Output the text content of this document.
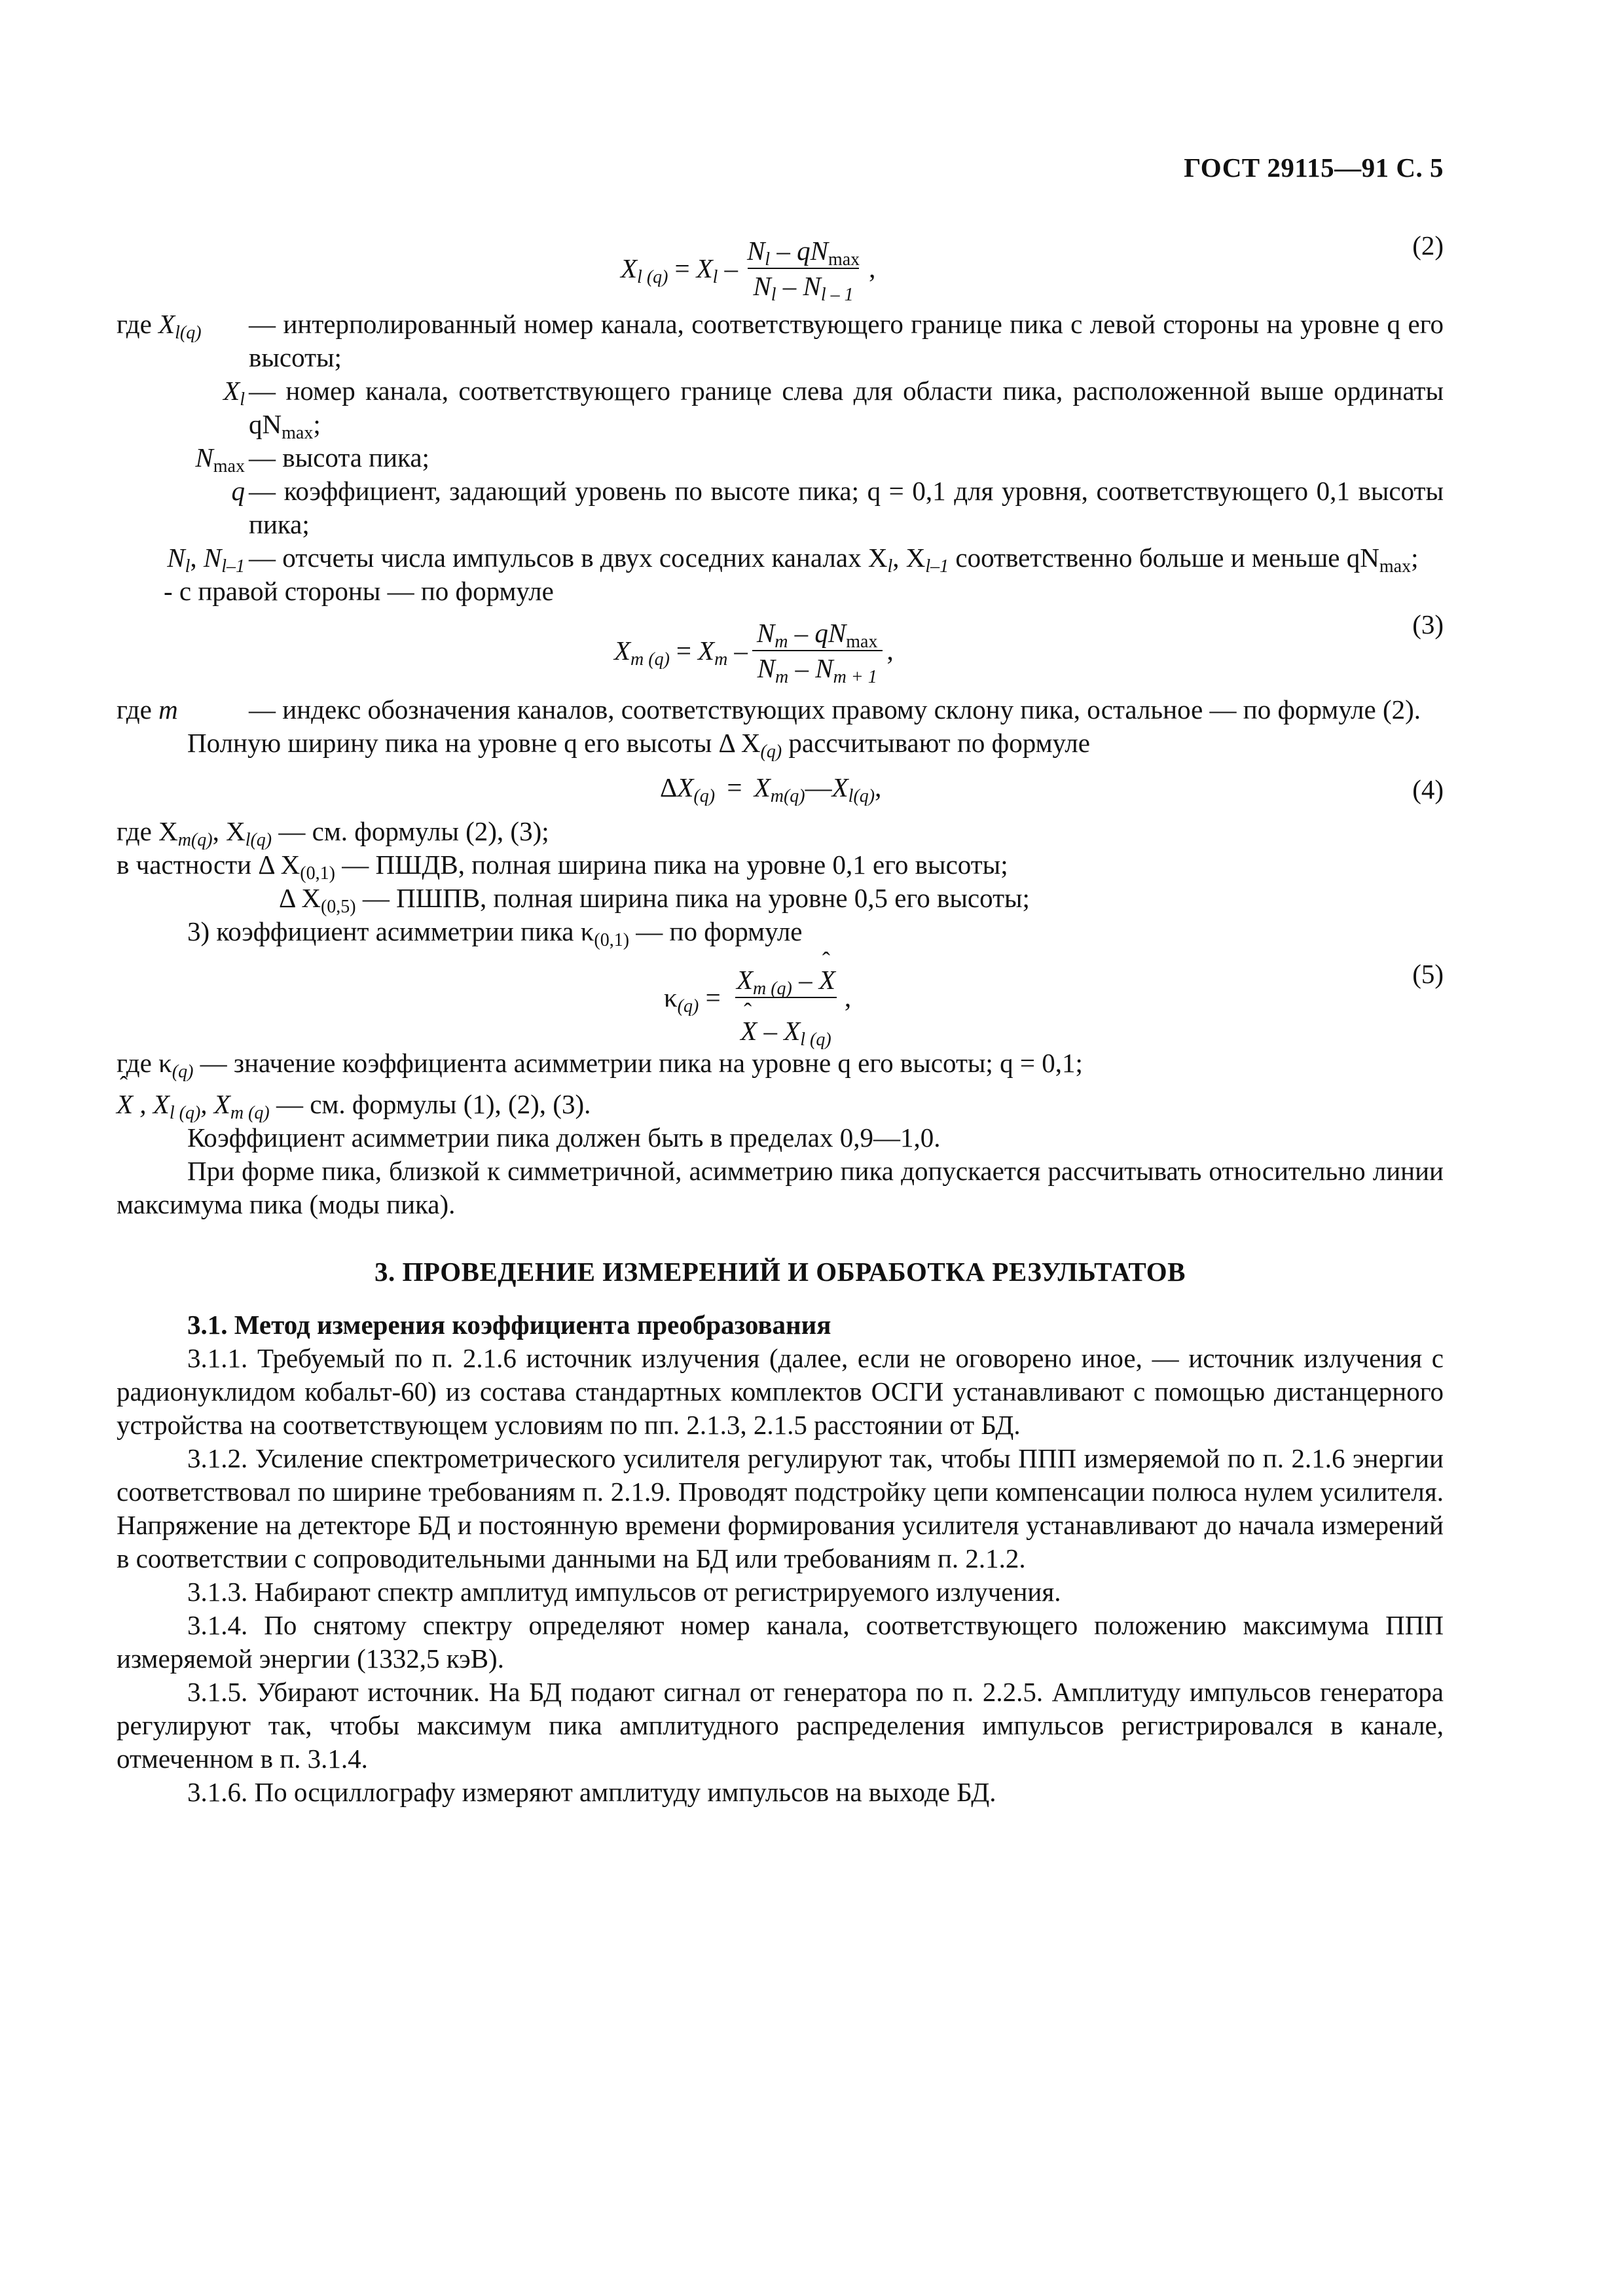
ГОСТ 29115—91 С. 5
$X_{l (q)} = X_l - \frac{N_l - qN_{max}}{N_l - N_{l - 1}}$ ,
(2)

где $X_{l(q)}$	— интерполированный номер канала, соответствующего границе пика с левой стороны на уровне q его высоты;

$X_l$ — номер канала, соответствующего границе слева для области пика, расположенной выше ординаты $qN_{max}$;

$N_{max}$ — высота пика;

q — коэффициент, задающий уровень по высоте пика; q = 0,1 для уровня, соответствующего 0,1 высоты пика;

$N_l$, $N_{l-1}$ — отсчеты числа импульсов в двух соседних каналах $X_l$, $X_{l-1}$ соответственно больше и меньше $qN_{max}$;

- с правой стороны — по формуле

$X_{m (q)} = X_m - \frac{N_m - qN_{max}}{N_m - N_{m + 1}}$ ,
(3)

где m	— индекс обозначения каналов, соответствующих правому склону пика, остальное — по формуле (2).

Полную ширину пика на уровне q его высоты Δ $X_{(q)}$ рассчитывают по формуле

Δ $X_{(q)} = X_{m(q)}$ — $X_{l(q)}$ ,	(4)

где $X_{m(q)}$, $X_{l(q)}$ — см. формулы (2), (3);

в частности Δ $X_{(0,1)}$ — ПШДВ, полная ширина пика на уровне 0,1 его высоты;

Δ $X_{(0,5)}$ — ПШПВ, полная ширина пика на уровне 0,5 его высоты;

3) коэффициент асимметрии пика $\kappa_{(0,1)}$ — по формуле

$\kappa_{(q)} = X_{m (q)}$ – ˆ X
ˆ X – $X_{l (q)}$ ,
(5)

где $\kappa_{(q)}$ — значение коэффициента асимметрии пика на уровне q его высоты; q = 0,1;

ˆ X , $X_{l (q)}$, $X_{m (q)}$ — см. формулы (1), (2), (3).

Коэффициент асимметрии пика должен быть в пределах 0,9—1,0.

При форме пика, близкой к симметричной, асимметрию пика допускается рассчитывать относительно линии максимума пика (моды пика).

3. ПРОВЕДЕНИЕ ИЗМЕРЕНИЙ И ОБРАБОТКА РЕЗУЛЬТАТОВ

3.1. Метод измерения коэффициента преобразования

3.1.1. Требуемый по п. 2.1.6 источник излучения (далее, если не оговорено иное, — источник излучения с радионуклидом кобальт-60) из состава стандартных комплектов ОСГИ устанавливают с помощью дистанцерного устройства на соответствующем условиям по пп. 2.1.3, 2.1.5 расстоянии от БД.

3.1.2. Усиление спектрометрического усилителя регулируют так, чтобы ППП измеряемой по п. 2.1.6 энергии соответствовал по ширине требованиям п. 2.1.9. Проводят подстройку цепи компенсации полюса нулем усилителя. Напряжение на детекторе БД и постоянную времени формирования усилителя устанавливают до начала измерений в соответствии с сопроводительными данными на БД или требованиям п. 2.1.2.

3.1.3. Набирают спектр амплитуд импульсов от регистрируемого излучения.

3.1.4. По снятому спектру определяют номер канала, соответствующего положению максимума ППП измеряемой энергии (1332,5 кэВ).

3.1.5. Убирают источник. На БД подают сигнал от генератора по п. 2.2.5. Амплитуду импульсов генератора регулируют так, чтобы максимум пика амплитудного распределения импульсов регистрировался в канале, отмеченном в п. 3.1.4.

3.1.6. По осциллографу измеряют амплитуду импульсов на выходе БД.
